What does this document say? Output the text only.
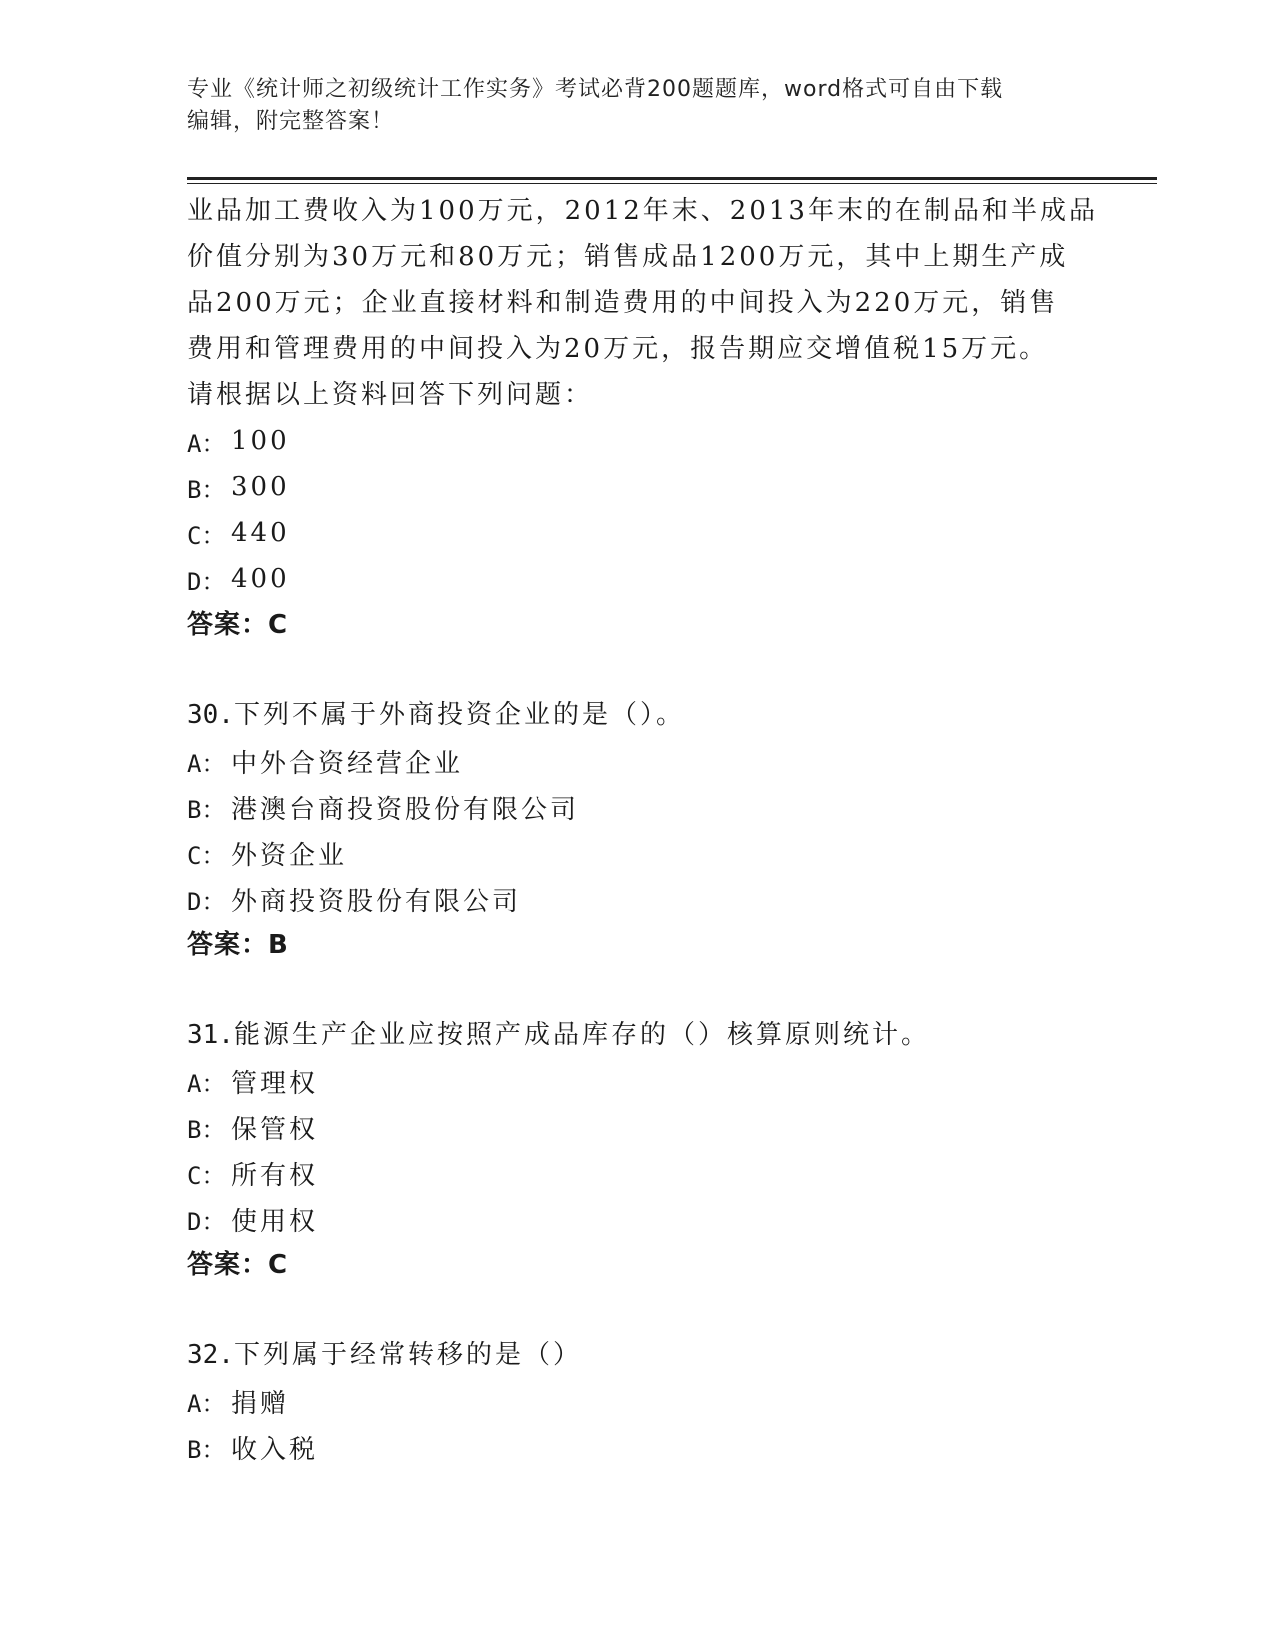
专业《统计师之初级统计工作实务》考试必背200题题库，word格式可自由下载
编辑，附完整答案！
业品加工费收入为100万元，2012年末、2013年末的在制品和半成品
价值分别为30万元和80万元；销售成品1200万元，其中上期生产成
品200万元；企业直接材料和制造费用的中间投入为220万元，销售
费用和管理费用的中间投入为20万元，报告期应交增值税15万元。
请根据以上资料回答下列问题：
A： 100
B： 300
C： 440
D： 400
答案：C
30.下列不属于外商投资企业的是（）。
A： 中外合资经营企业
B： 港澳台商投资股份有限公司
C： 外资企业
D： 外商投资股份有限公司
答案：B
31.能源生产企业应按照产成品库存的（）核算原则统计。
A： 管理权
B： 保管权
C： 所有权
D： 使用权
答案：C
32.下列属于经常转移的是（）
A： 捐赠
B： 收入税
